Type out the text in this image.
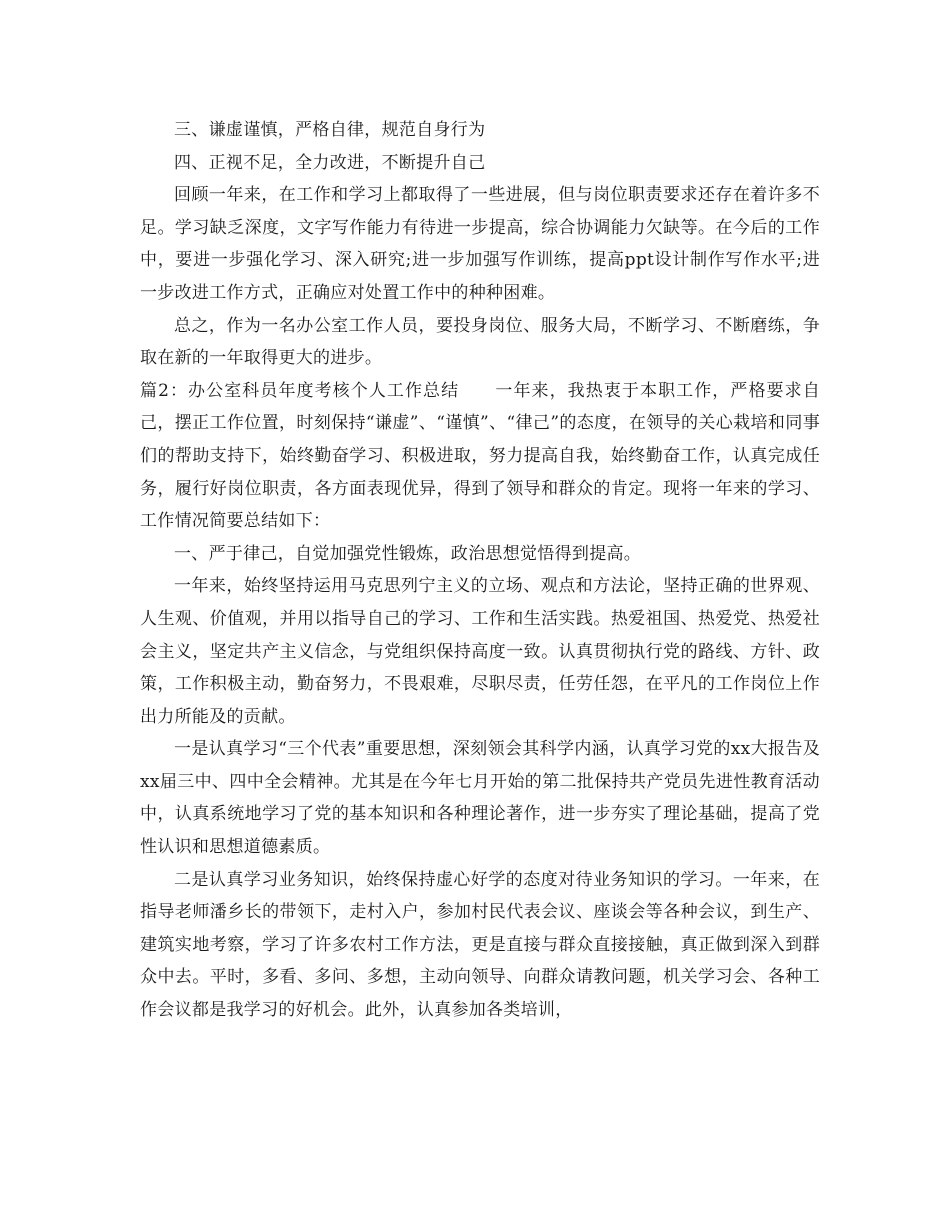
三、谦虚谨慎，严格自律，规范自身行为

四、正视不足，全力改进，不断提升自己

回顾一年来，在工作和学习上都取得了一些进展，但与岗位职责要求还存在着许多不足。学习缺乏深度，文字写作能力有待进一步提高，综合协调能力欠缺等。在今后的工作中，要进一步强化学习、深入研究;进一步加强写作训练，提高ppt设计制作写作水平;进一步改进工作方式，正确应对处置工作中的种种困难。

总之，作为一名办公室工作人员，要投身岗位、服务大局，不断学习、不断磨练，争取在新的一年取得更大的进步。

篇2：办公室科员年度考核个人工作总结　　一年来，我热衷于本职工作，严格要求自己，摆正工作位置，时刻保持“谦虚”、“谨慎”、“律己”的态度，在领导的关心栽培和同事们的帮助支持下，始终勤奋学习、积极进取，努力提高自我，始终勤奋工作，认真完成任务，履行好岗位职责，各方面表现优异，得到了领导和群众的肯定。现将一年来的学习、工作情况简要总结如下：

一、严于律己，自觉加强党性锻炼，政治思想觉悟得到提高。

一年来，始终坚持运用马克思列宁主义的立场、观点和方法论，坚持正确的世界观、人生观、价值观，并用以指导自己的学习、工作和生活实践。热爱祖国、热爱党、热爱社会主义，坚定共产主义信念，与党组织保持高度一致。认真贯彻执行党的路线、方针、政策，工作积极主动，勤奋努力，不畏艰难，尽职尽责，任劳任怨，在平凡的工作岗位上作出力所能及的贡献。

一是认真学习“三个代表”重要思想，深刻领会其科学内涵，认真学习党的xx大报告及xx届三中、四中全会精神。尤其是在今年七月开始的第二批保持共产党员先进性教育活动中，认真系统地学习了党的基本知识和各种理论著作，进一步夯实了理论基础，提高了党性认识和思想道德素质。

二是认真学习业务知识，始终保持虚心好学的态度对待业务知识的学习。一年来，在指导老师潘乡长的带领下，走村入户，参加村民代表会议、座谈会等各种会议，到生产、建筑实地考察，学习了许多农村工作方法，更是直接与群众直接接触，真正做到深入到群众中去。平时，多看、多问、多想，主动向领导、向群众请教问题，机关学习会、各种工作会议都是我学习的好机会。此外，认真参加各类培训，
